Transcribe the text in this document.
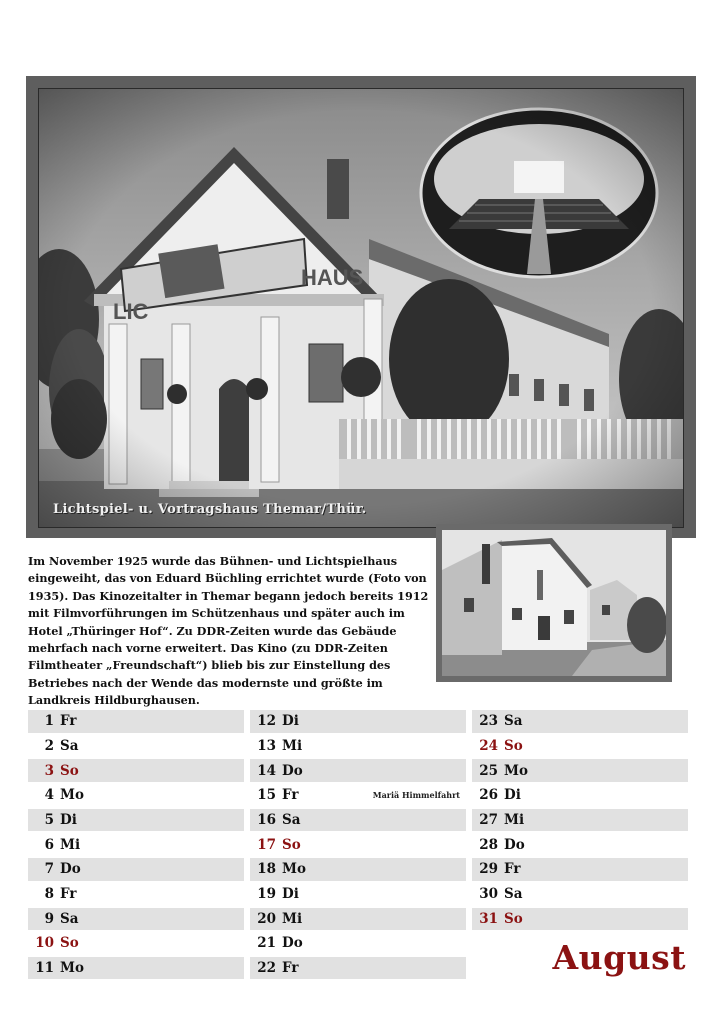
Lichtspiel- u. Vortragshaus Themar/Thür.
Im November 1925 wurde das Bühnen- und Lichtspielhaus eingeweiht, das von Eduard Büchling errichtet wurde (Foto von 1935). Das Kinozeitalter in Themar begann jedoch bereits 1912 mit Filmvorführungen im Schützenhaus und später auch im Hotel „Thüringer Hof“. Zu DDR-Zeiten wurde das Gebäude mehrfach nach vorne erweitert. Das Kino (zu DDR-Zeiten Filmtheater „Freundschaft“) blieb bis zur Einstellung des Betriebes nach der Wende das modernste und größte im Landkreis Hildburghausen.
1 Fr
2 Sa
3 So
4 Mo
5 Di
6 Mi
7 Do
8 Fr
9 Sa
10 So
11 Mo
12 Di
13 Mi
14 Do
15 Fr	Mariä Himmelfahrt
16 Sa
17 So
18 Mo
19 Di
20 Mi
21 Do
22 Fr
23 Sa
24 So
25 Mo
26 Di
27 Mi
28 Do
29 Fr
30 Sa
31 So
August
